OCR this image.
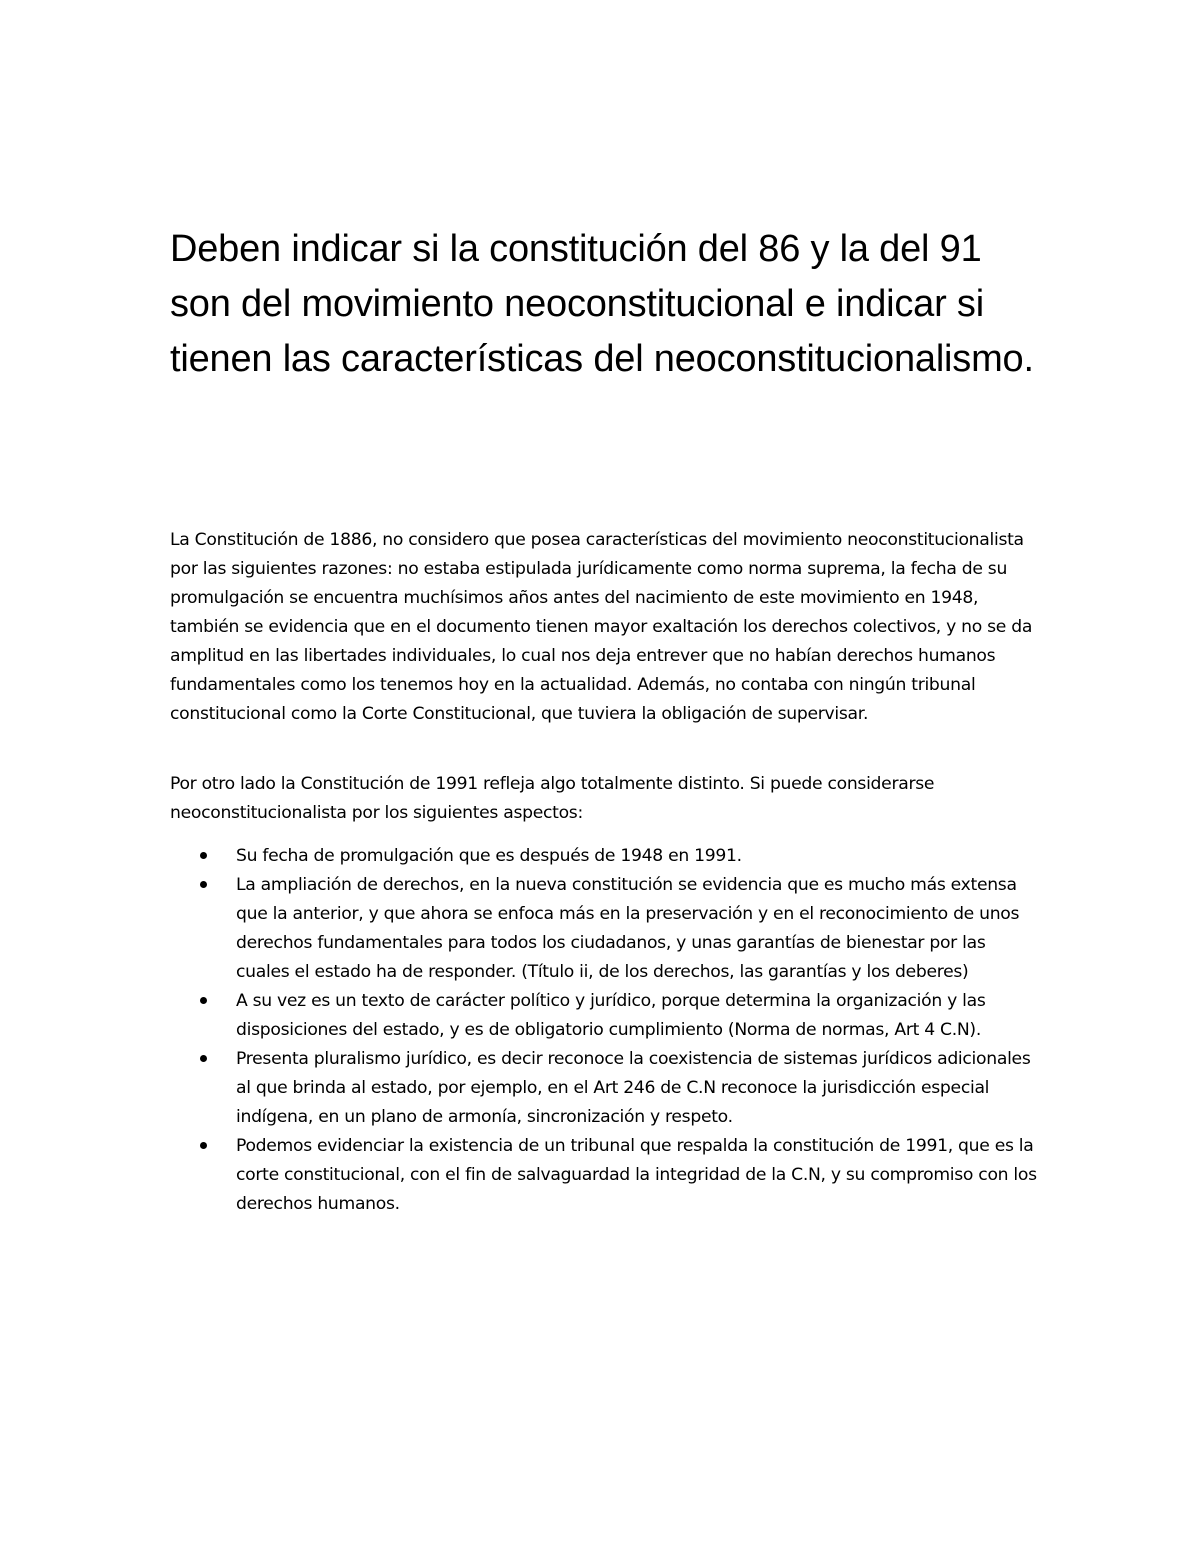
Deben indicar si la constitución del 86 y la del 91 son del movimiento neoconstitucional e indicar si tienen las características del neoconstitucionalismo.

La Constitución de 1886, no considero que posea características del movimiento neoconstitucionalista por las siguientes razones: no estaba estipulada jurídicamente como norma suprema, la fecha de su promulgación se encuentra muchísimos años antes del nacimiento de este movimiento en 1948, también se evidencia que en el documento tienen mayor exaltación los derechos colectivos, y no se da amplitud en las libertades individuales, lo cual nos deja entrever que no habían derechos humanos fundamentales como los tenemos hoy en la actualidad. Además, no contaba con ningún tribunal constitucional como la Corte Constitucional, que tuviera la obligación de supervisar.

Por otro lado la Constitución de 1991 refleja algo totalmente distinto. Si puede considerarse neoconstitucionalista por los siguientes aspectos:

Su fecha de promulgación que es después de 1948 en 1991.
La ampliación de derechos, en la nueva constitución se evidencia que es mucho más extensa que la anterior, y que ahora se enfoca más en la preservación y en el reconocimiento de unos derechos fundamentales para todos los ciudadanos, y unas garantías de bienestar por las cuales el estado ha de responder. (Título ii, de los derechos, las garantías y los deberes)
A su vez es un texto de carácter político y jurídico, porque determina la organización y las disposiciones del estado, y es de obligatorio cumplimiento (Norma de normas, Art 4 C.N).
Presenta pluralismo jurídico, es decir reconoce la coexistencia de sistemas jurídicos adicionales al que brinda al estado, por ejemplo, en el Art 246 de C.N reconoce la jurisdicción especial indígena, en un plano de armonía, sincronización y respeto.
Podemos evidenciar la existencia de un tribunal que respalda la constitución de 1991, que es la corte constitucional, con el fin de salvaguardad la integridad de la C.N, y su compromiso con los derechos humanos.
